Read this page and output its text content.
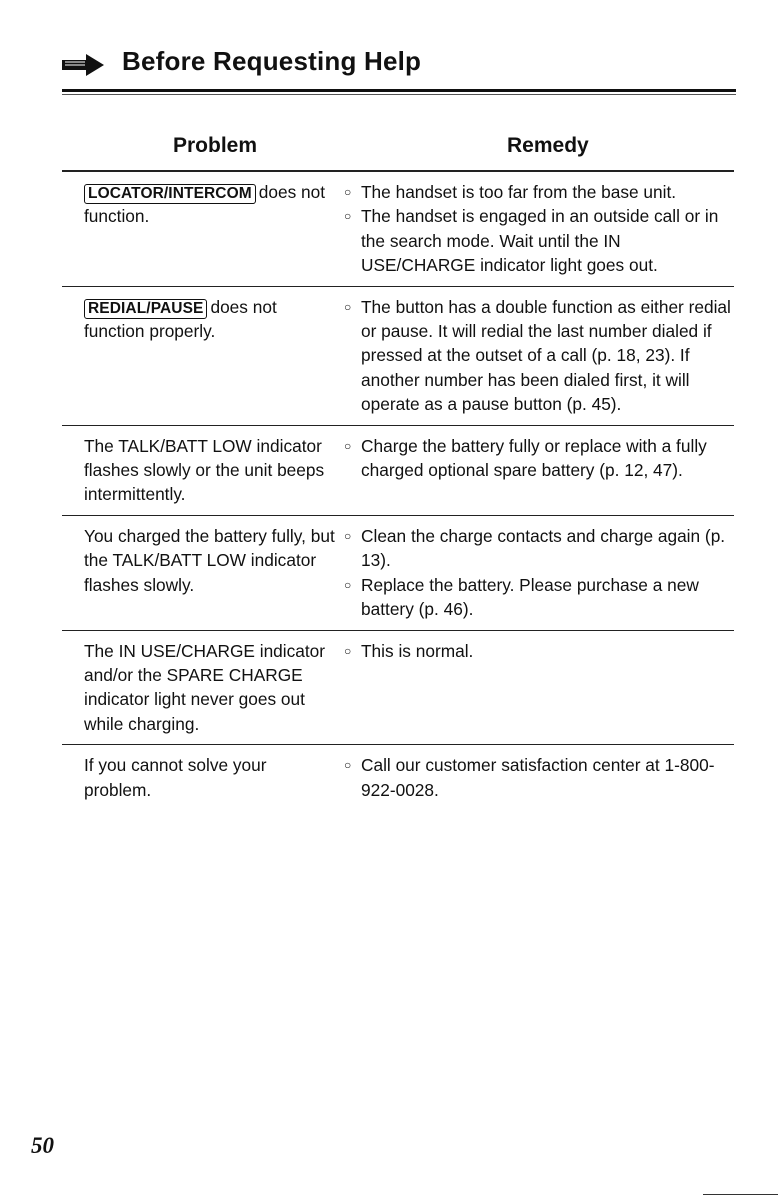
Before Requesting Help
Problem	Remedy
LOCATOR/INTERCOM does not function.
○ The handset is too far from the base unit.
○ The handset is engaged in an outside call or in the search mode. Wait until the IN USE/CHARGE indicator light goes out.
REDIAL/PAUSE does not function properly.
○ The button has a double function as either redial or pause. It will redial the last number dialed if pressed at the outset of a call (p. 18, 23). If another number has been dialed first, it will operate as a pause button (p. 45).
The TALK/BATT LOW indicator flashes slowly or the unit beeps intermittently.
○ Charge the battery fully or replace with a fully charged optional spare battery (p. 12, 47).
You charged the battery fully, but the TALK/BATT LOW indicator flashes slowly.
○ Clean the charge contacts and charge again (p. 13).
○ Replace the battery. Please purchase a new battery (p. 46).
The IN USE/CHARGE indicator and/or the SPARE CHARGE indicator light never goes out while charging.
○ This is normal.
If you cannot solve your problem.
○ Call our customer satisfaction center at 1-800-922-0028.
50
